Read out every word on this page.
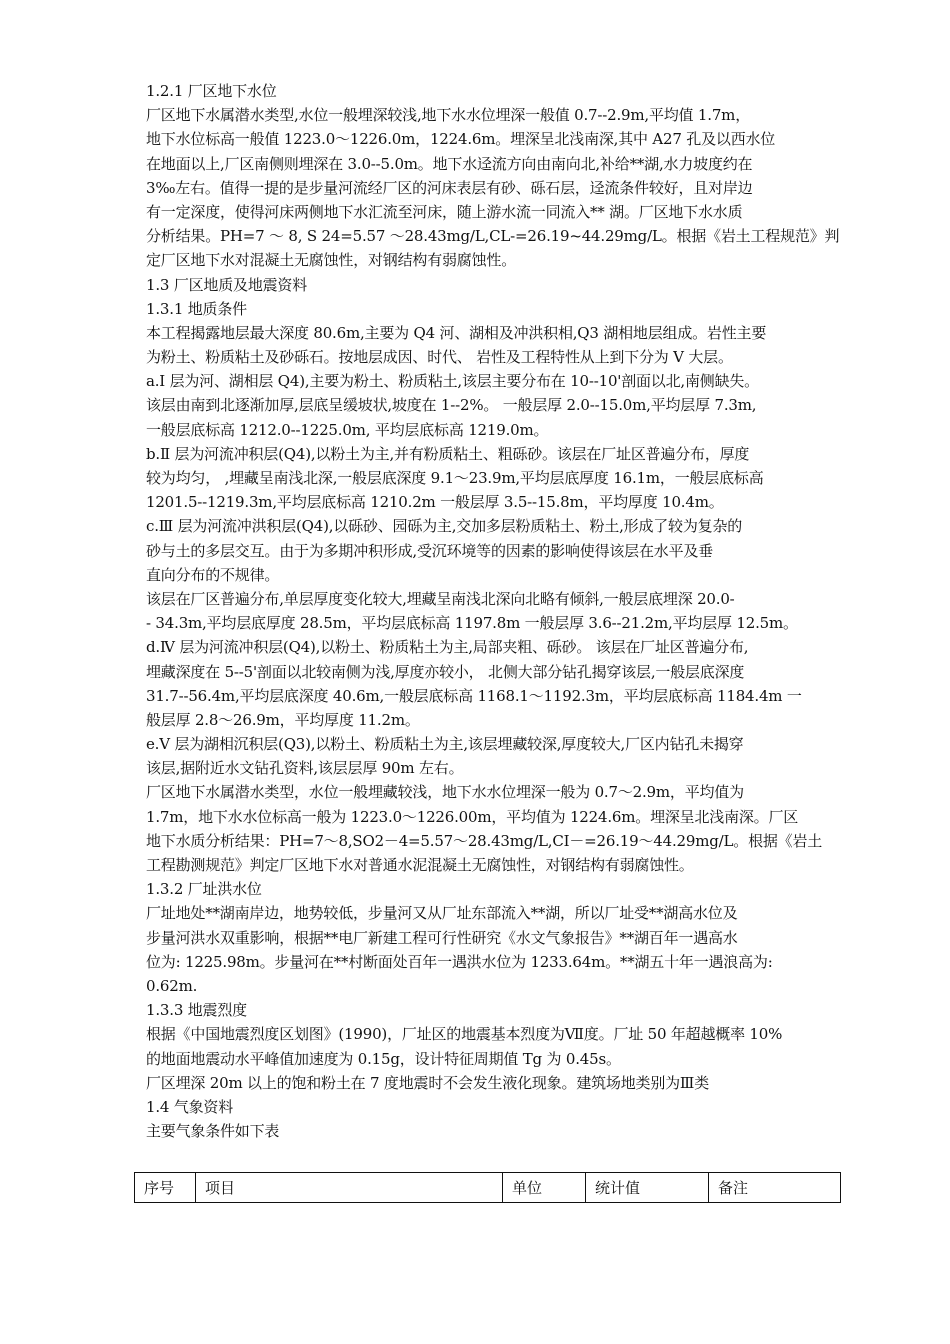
1.2.1 厂区地下水位
厂区地下水属潜水类型,水位一般埋深较浅,地下水水位埋深一般值 0.7--2.9m,平均值 1.7m，
地下水位标高一般值 1223.0～1226.0m，1224.6m。埋深呈北浅南深,其中 A27 孔及以西水位
在地面以上,厂区南侧则埋深在 3.0--5.0m。地下水迳流方向由南向北,补给**湖,水力坡度约在
3‰左右。值得一提的是步量河流经厂区的河床表层有砂、砾石层，迳流条件较好，且对岸边
有一定深度，使得河床两侧地下水汇流至河床，随上游水流一同流入** 湖。厂区地下水水质
分析结果。PH=7 ～ 8, S 24=5.57 ～28.43mg/L,CL-=26.19~44.29mg/L。根据《岩土工程规范》判
定厂区地下水对混凝土无腐蚀性，对钢结构有弱腐蚀性。
1.3 厂区地质及地震资料
1.3.1 地质条件
本工程揭露地层最大深度 80.6m,主要为 Q4 河、湖相及冲洪积相,Q3 湖相地层组成。岩性主要
为粉土、粉质粘土及砂砾石。按地层成因、时代、 岩性及工程特性从上到下分为 V 大层。
a.I 层为河、湖相层 Q4),主要为粉土、粉质粘土,该层主要分布在 10--10'剖面以北,南侧缺失。
该层由南到北逐渐加厚,层底呈缓坡状,坡度在 1--2%。 一般层厚 2.0--15.0m,平均层厚 7.3m,
一般层底标高 1212.0--1225.0m, 平均层底标高 1219.0m。
b.Ⅱ 层为河流冲积层(Q4),以粉土为主,并有粉质粘土、粗砾砂。该层在厂址区普遍分布，厚度
较为均匀， ,埋藏呈南浅北深,一般层底深度 9.1～23.9m,平均层底厚度 16.1m，一般层底标高
1201.5--1219.3m,平均层底标高 1210.2m 一般层厚 3.5--15.8m，平均厚度 10.4m。
c.Ⅲ 层为河流冲洪积层(Q4),以砾砂、园砾为主,交加多层粉质粘土、粉土,形成了较为复杂的
砂与土的多层交互。由于为多期冲积形成,受沉环境等的因素的影响使得该层在水平及垂
直向分布的不规律。
该层在厂区普遍分布,单层厚度变化较大,埋藏呈南浅北深向北略有倾斜,一般层底埋深 20.0-
- 34.3m,平均层底厚度 28.5m，平均层底标高 1197.8m 一般层厚 3.6--21.2m,平均层厚 12.5m。
d.Ⅳ 层为河流冲积层(Q4),以粉土、粉质粘土为主,局部夹粗、砾砂。 该层在厂址区普遍分布,
埋藏深度在 5--5'剖面以北较南侧为浅,厚度亦较小， 北侧大部分钻孔揭穿该层,一般层底深度
31.7--56.4m,平均层底深度 40.6m,一般层底标高 1168.1～1192.3m，平均层底标高 1184.4m 一
般层厚 2.8～26.9m，平均厚度 11.2m。
e.Ⅴ 层为湖相沉积层(Q3),以粉土、粉质粘土为主,该层埋藏较深,厚度较大,厂区内钻孔未揭穿
该层,据附近水文钻孔资料,该层层厚 90m 左右。
厂区地下水属潜水类型，水位一般埋藏较浅，地下水水位埋深一般为 0.7～2.9m，平均值为
1.7m，地下水水位标高一般为 1223.0～1226.00m，平均值为 1224.6m。埋深呈北浅南深。厂区
地下水质分析结果：PH=7～8,SO2－4=5.57～28.43mg/L,CI－=26.19～44.29mg/L。根据《岩土
工程勘测规范》判定厂区地下水对普通水泥混凝土无腐蚀性，对钢结构有弱腐蚀性。
1.3.2 厂址洪水位
厂址地处**湖南岸边，地势较低，步量河又从厂址东部流入**湖，所以厂址受**湖高水位及
步量河洪水双重影响，根据**电厂新建工程可行性研究《水文气象报告》**湖百年一遇高水
位为: 1225.98m。步量河在**村断面处百年一遇洪水位为 1233.64m。**湖五十年一遇浪高为:
0.62m.
1.3.3 地震烈度
根据《中国地震烈度区划图》(1990)，厂址区的地震基本烈度为Ⅶ度。厂址 50 年超越概率 10%
的地面地震动水平峰值加速度为 0.15g，设计特征周期值 Tg 为 0.45s。
厂区埋深 20m 以上的饱和粉土在 7 度地震时不会发生液化现象。建筑场地类别为Ⅲ类
1.4 气象资料
主要气象条件如下表
序号	项目	单位	统计值	备注
